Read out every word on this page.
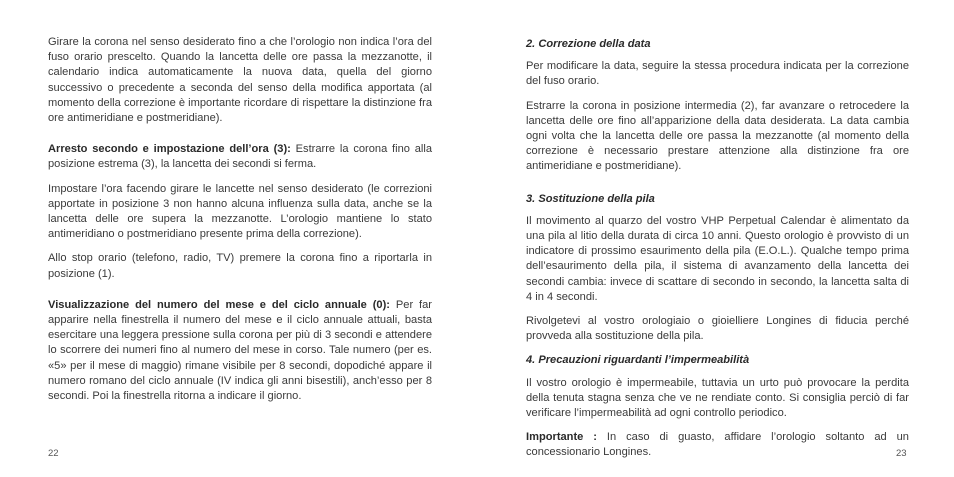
Girare la corona nel senso desiderato fino a che l’orologio non indica l’ora del fuso orario prescelto. Quando la lancetta delle ore passa la mezzanotte, il calendario indica automaticamente la nuova data, quella del giorno successivo o precedente a seconda del senso della modifica apportata (al momento della correzione è importante ricordare di rispettare la distinzione fra ore antimeridiane e postmeridiane).

Arresto secondo e impostazione dell’ora (3): Estrarre la corona fino alla posizione estrema (3), la lancetta dei secondi si ferma.

Impostare l’ora facendo girare le lancette nel senso desiderato (le correzioni apportate in posizione 3 non hanno alcuna influenza sulla data, anche se la lancetta delle ore supera la mezzanotte. L’orologio mantiene lo stato antimeridiano o postmeridiano presente prima della correzione).

Allo stop orario (telefono, radio, TV) premere la corona fino a riportarla in posizione (1).

Visualizzazione del numero del mese e del ciclo annuale (0): Per far apparire nella finestrella il numero del mese e il ciclo annuale attuali, basta esercitare una leggera pressione sulla corona per più di 3 secondi e attendere lo scorrere dei numeri fino al numero del mese in corso. Tale numero (per es. «5» per il mese di maggio) rimane visibile per 8 secondi, dopodiché appare il numero romano del ciclo annuale (IV indica gli anni bisestili), anch’esso per 8 secondi. Poi la finestrella ritorna a indicare il giorno.

22
2. Correzione della data

Per modificare la data, seguire la stessa procedura indicata per la correzione del fuso orario.

Estrarre la corona in posizione intermedia (2), far avanzare o retrocedere la lancetta delle ore fino all’apparizione della data desiderata. La data cambia ogni volta che la lancetta delle ore passa la mezzanotte (al momento della correzione è necessario prestare attenzione alla distinzione fra ore antimeridiane e postmeridiane).

3. Sostituzione della pila

Il movimento al quarzo del vostro VHP Perpetual Calendar è alimentato da una pila al litio della durata di circa 10 anni. Questo orologio è provvisto di un indicatore di prossimo esaurimento della pila (E.O.L.). Qualche tempo prima dell’esaurimento della pila, il sistema di avanzamento della lancetta dei secondi cambia: invece di scattare di secondo in secondo, la lancetta salta di 4 in 4 secondi.

Rivolgetevi al vostro orologiaio o gioielliere Longines di fiducia perché provveda alla sostituzione della pila.

4. Precauzioni riguardanti l’impermeabilità

Il vostro orologio è impermeabile, tuttavia un urto può provocare la perdita della tenuta stagna senza che ve ne rendiate conto. Si consiglia perciò di far verificare l’impermeabilità ad ogni controllo periodico.

Importante : In caso di guasto, affidare l’orologio soltanto ad un concessionario Longines.	23
